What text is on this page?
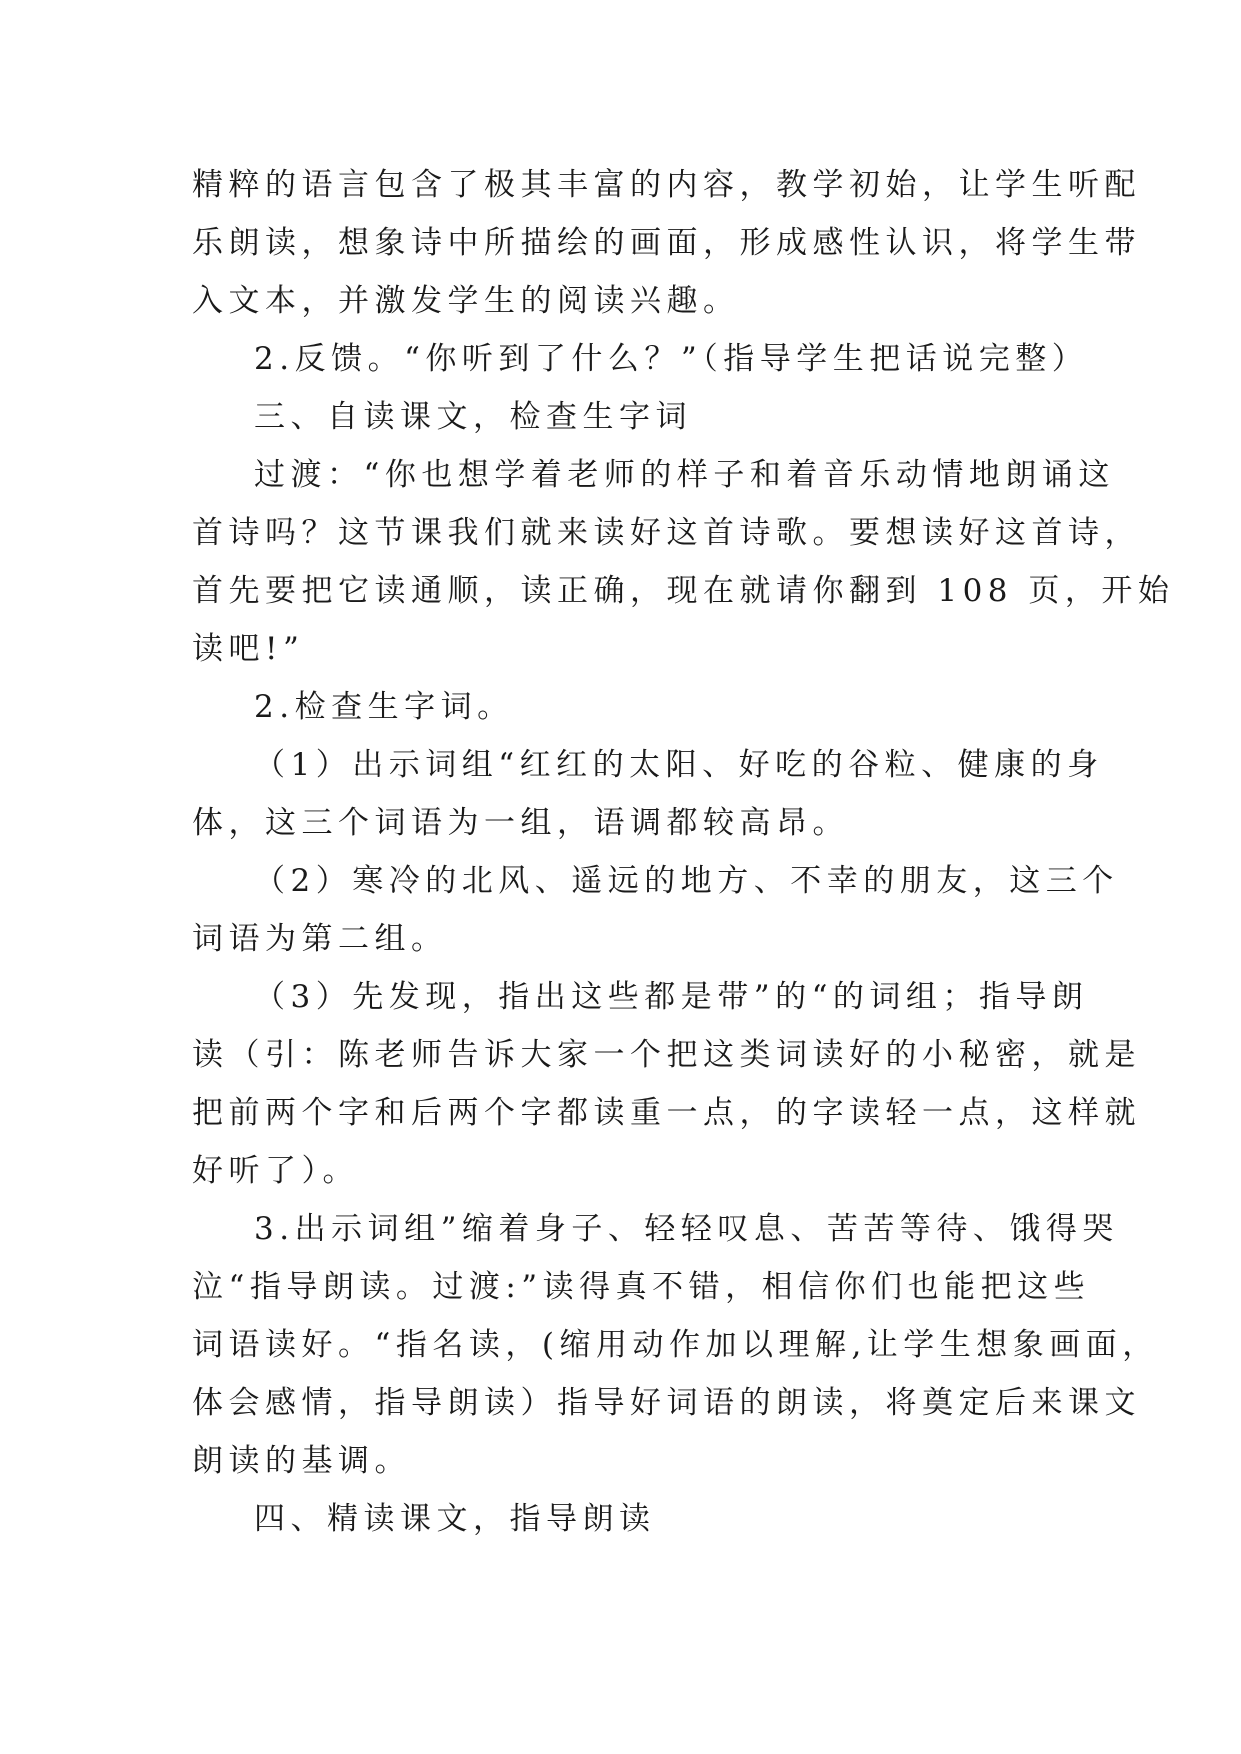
精粹的语言包含了极其丰富的内容，教学初始，让学生听配

乐朗读，想象诗中所描绘的画面，形成感性认识，将学生带

入文本，并激发学生的阅读兴趣。

2.反馈。“你听到了什么？”（指导学生把话说完整）

三、自读课文，检查生字词

过渡：“你也想学着老师的样子和着音乐动情地朗诵这

首诗吗？这节课我们就来读好这首诗歌。要想读好这首诗，

首先要把它读通顺，读正确，现在就请你翻到 108 页，开始

读吧!”

2.检查生字词。

（1）出示词组“红红的太阳、好吃的谷粒、健康的身

体，这三个词语为一组，语调都较高昂。

（2）寒冷的北风、遥远的地方、不幸的朋友，这三个

词语为第二组。

（3）先发现，指出这些都是带”的“的词组；指导朗

读（引：陈老师告诉大家一个把这类词读好的小秘密，就是

把前两个字和后两个字都读重一点，的字读轻一点，这样就

好听了）。

3.出示词组”缩着身子、轻轻叹息、苦苦等待、饿得哭

泣“指导朗读。过渡:”读得真不错，相信你们也能把这些

词语读好。“指名读，(缩用动作加以理解,让学生想象画面，

体会感情，指导朗读）指导好词语的朗读，将奠定后来课文

朗读的基调。

四、精读课文，指导朗读
